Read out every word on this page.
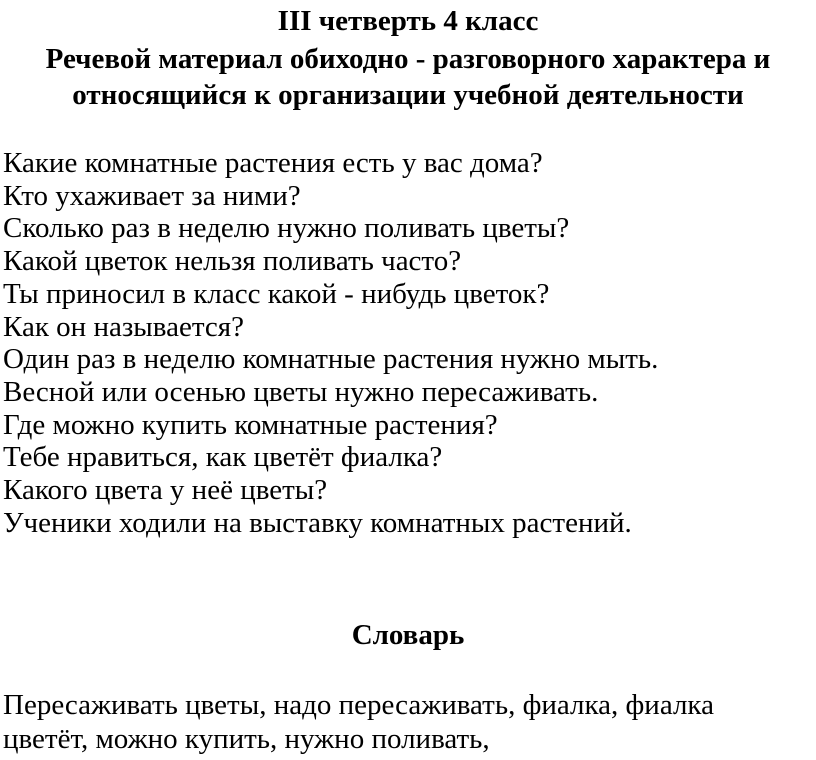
III четверть 4 класс
Речевой материал обиходно - разговорного характера и
относящийся к организации учебной деятельности
Какие комнатные растения есть у вас дома?
Кто ухаживает за ними?
Сколько раз в неделю нужно поливать цветы?
Какой цветок нельзя поливать часто?
Ты приносил в класс какой - нибудь цветок?
Как он называется?
Один раз в неделю комнатные растения нужно мыть.
Весной или осенью цветы нужно пересаживать.
Где можно купить комнатные растения?
Тебе нравиться, как цветёт фиалка?
Какого цвета у неё цветы?
Ученики ходили на выставку комнатных растений.
Словарь
Пересаживать цветы, надо пересаживать, фиалка, фиалка
цветёт, можно купить, нужно поливать,
